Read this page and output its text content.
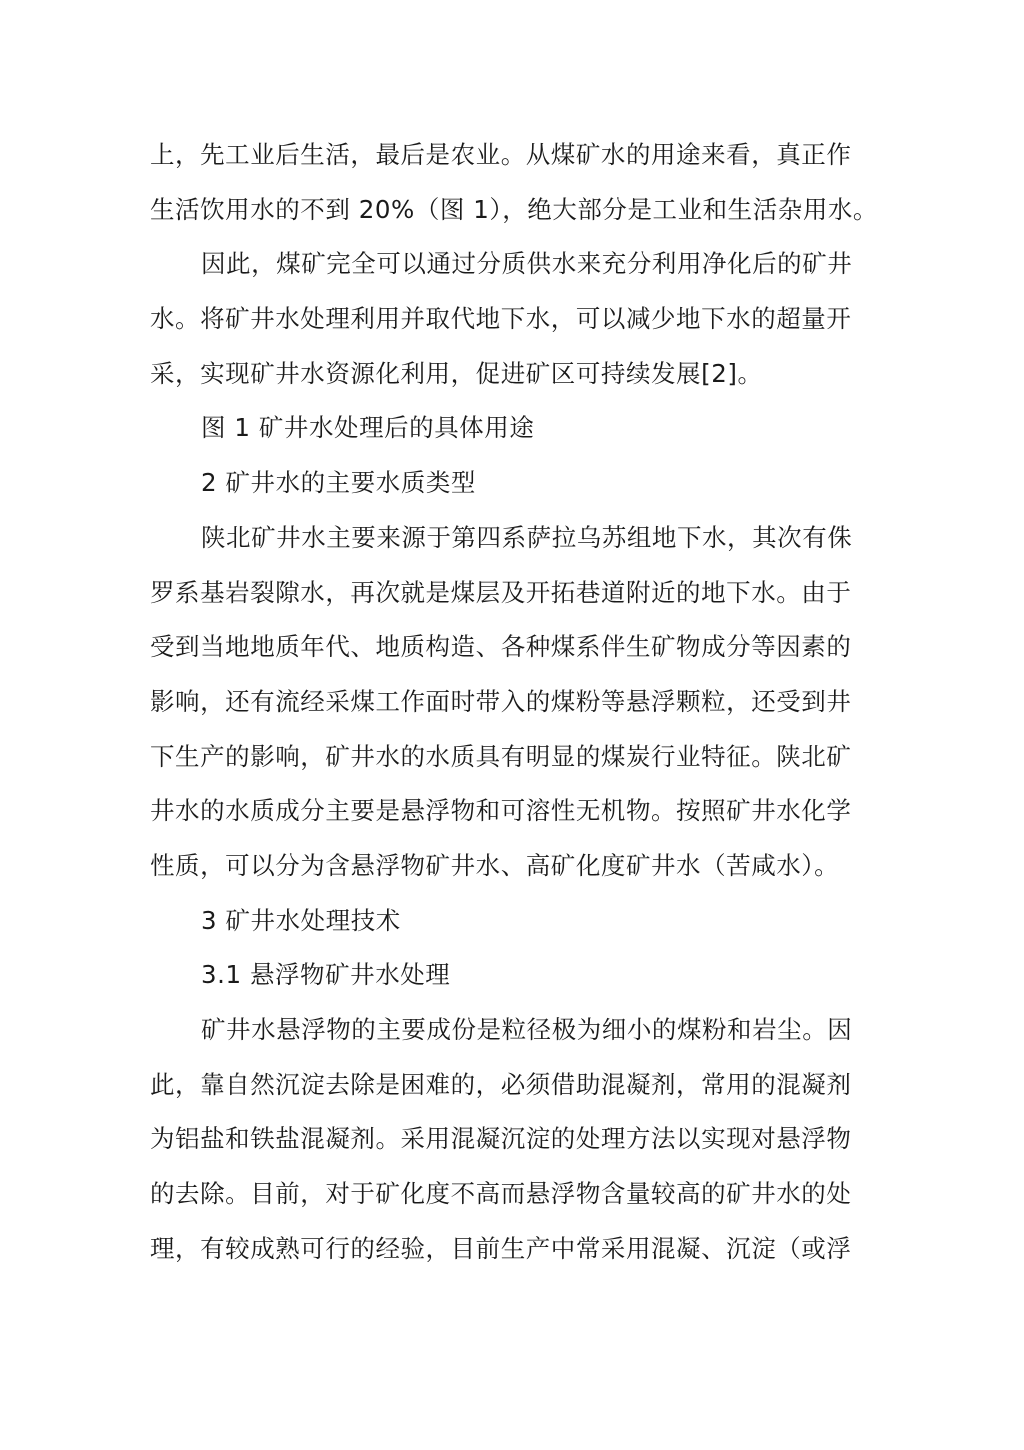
上，先工业后生活，最后是农业。从煤矿水的用途来看，真正作
生活饮用水的不到 20%（图 1），绝大部分是工业和生活杂用水。
因此，煤矿完全可以通过分质供水来充分利用净化后的矿井
水。将矿井水处理利用并取代地下水，可以减少地下水的超量开
采，实现矿井水资源化利用，促进矿区可持续发展[2]。
图 1 矿井水处理后的具体用途
2 矿井水的主要水质类型
陕北矿井水主要来源于第四系萨拉乌苏组地下水，其次有侏
罗系基岩裂隙水，再次就是煤层及开拓巷道附近的地下水。由于
受到当地地质年代、地质构造、各种煤系伴生矿物成分等因素的
影响，还有流经采煤工作面时带入的煤粉等悬浮颗粒，还受到井
下生产的影响，矿井水的水质具有明显的煤炭行业特征。陕北矿
井水的水质成分主要是悬浮物和可溶性无机物。按照矿井水化学
性质，可以分为含悬浮物矿井水、高矿化度矿井水（苦咸水）。
3 矿井水处理技术
3.1 悬浮物矿井水处理
矿井水悬浮物的主要成份是粒径极为细小的煤粉和岩尘。因
此，靠自然沉淀去除是困难的，必须借助混凝剂，常用的混凝剂
为铝盐和铁盐混凝剂。采用混凝沉淀的处理方法以实现对悬浮物
的去除。目前，对于矿化度不高而悬浮物含量较高的矿井水的处
理，有较成熟可行的经验，目前生产中常采用混凝、沉淀（或浮
